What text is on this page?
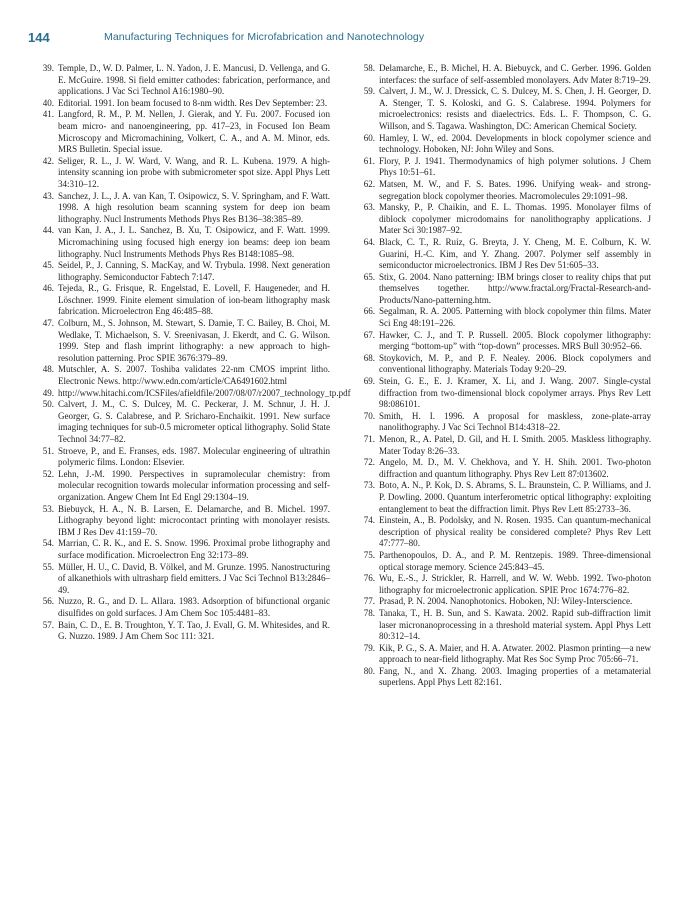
144	Manufacturing Techniques for Microfabrication and Nanotechnology

39. Temple, D., W. D. Palmer, L. N. Yadon, J. E. Mancusi, D. Vellenga, and G. E. McGuire. 1998. Si field emitter cathodes: fabrication, performance, and applications. J Vac Sci Technol A16:1980–90.

40. Editorial. 1991. Ion beam focused to 8-nm width. Res Dev September: 23.

41. Langford, R. M., P. M. Nellen, J. Gierak, and Y. Fu. 2007. Focused ion beam micro- and nanoengineering, pp. 417–23, in Focused Ion Beam Microscopy and Micromachining, Volkert, C. A., and A. M. Minor, eds. MRS Bulletin. Special issue.

42. Seliger, R. L., J. W. Ward, V. Wang, and R. L. Kubena. 1979. A high-intensity scanning ion probe with submicrometer spot size. Appl Phys Lett 34:310–12.

43. Sanchez, J. L., J. A. van Kan, T. Osipowicz, S. V. Springham, and F. Watt. 1998. A high resolution beam scanning system for deep ion beam lithography. Nucl Instruments Methods Phys Res B136–38:385–89.

44. van Kan, J. A., J. L. Sanchez, B. Xu, T. Osipowicz, and F. Watt. 1999. Micromachining using focused high energy ion beams: deep ion beam lithography. Nucl Instruments Methods Phys Res B148:1085–98.

45. Seidel, P., J. Canning, S. MacKay, and W. Trybula. 1998. Next generation lithography. Semiconductor Fabtech 7:147.

46. Tejeda, R., G. Frisque, R. Engelstad, E. Lovell, F. Haugeneder, and H. Löschner. 1999. Finite element simulation of ion-beam lithography mask fabrication. Microelectron Eng 46:485–88.

47. Colburn, M., S. Johnson, M. Stewart, S. Damie, T. C. Bailey, B. Choi, M. Wedlake, T. Michaelson, S. V. Sreenivasan, J. Ekerdt, and C. G. Wilson. 1999. Step and flash imprint lithography: a new approach to high-resolution patterning. Proc SPIE 3676:379–89.

48. Mutschler, A. S. 2007. Toshiba validates 22-nm CMOS imprint litho. Electronic News. http://www.edn.com/article/CA6491602.html

49. http://www.hitachi.com/ICSFiles/afieldfile/2007/08/07/r2007_technology_tp.pdf

50. Calvert, J. M., C. S. Dulcey, M. C. Peckerar, J. M. Schnur, J. H. J. Georger, G. S. Calabrese, and P. Sricharo-Enchaikit. 1991. New surface imaging techniques for sub-0.5 micrometer optical lithography. Solid State Technol 34:77–82.

51. Stroeve, P., and E. Franses, eds. 1987. Molecular engineering of ultrathin polymeric films. London: Elsevier.

52. Lehn, J.-M. 1990. Perspectives in supramolecular chemistry: from molecular recognition towards molecular information processing and self-organization. Angew Chem Int Ed Engl 29:1304–19.

53. Biebuyck, H. A., N. B. Larsen, E. Delamarche, and B. Michel. 1997. Lithography beyond light: microcontact printing with monolayer resists. IBM J Res Dev 41:159–70.

54. Marrian, C. R. K., and E. S. Snow. 1996. Proximal probe lithography and surface modification. Microelectron Eng 32:173–89.

55. Müller, H. U., C. David, B. Völkel, and M. Grunze. 1995. Nanostructuring of alkanethiols with ultrasharp field emitters. J Vac Sci Technol B13:2846–49.

56. Nuzzo, R. G., and D. L. Allara. 1983. Adsorption of bifunctional organic disulfides on gold surfaces. J Am Chem Soc 105:4481–83.

57. Bain, C. D., E. B. Troughton, Y. T. Tao, J. Evall, G. M. Whitesides, and R. G. Nuzzo. 1989. J Am Chem Soc 111: 321.

58. Delamarche, E., B. Michel, H. A. Biebuyck, and C. Gerber. 1996. Golden interfaces: the surface of self-assembled monolayers. Adv Mater 8:719–29.

59. Calvert, J. M., W. J. Dressick, C. S. Dulcey, M. S. Chen, J. H. Georger, D. A. Stenger, T. S. Koloski, and G. S. Calabrese. 1994. Polymers for microelectronics: resists and diaelectrics. Eds. L. F. Thompson, C. G. Willson, and S. Tagawa. Washington, DC: American Chemical Society.

60. Hamley, I. W., ed. 2004. Developments in block copolymer science and technology. Hoboken, NJ: John Wiley and Sons.

61. Flory, P. J. 1941. Thermodynamics of high polymer solutions. J Chem Phys 10:51–61.

62. Matsen, M. W., and F. S. Bates. 1996. Unifying weak- and strong-segregation block copolymer theories. Macromolecules 29:1091–98.

63. Mansky, P., P. Chaikin, and E. L. Thomas. 1995. Monolayer films of diblock copolymer microdomains for nanolithography applications. J Mater Sci 30:1987–92.

64. Black, C. T., R. Ruiz, G. Breyta, J. Y. Cheng, M. E. Colburn, K. W. Guarini, H.-C. Kim, and Y. Zhang. 2007. Polymer self assembly in semiconductor microelectronics. IBM J Res Dev 51:605–33.

65. Stix, G. 2004. Nano patterning: IBM brings closer to reality chips that put themselves together. http://www.fractal.org/Fractal-Research-and-Products/Nano-patterning.htm.

66. Segalman, R. A. 2005. Patterning with block copolymer thin films. Mater Sci Eng 48:191–226.

67. Hawker, C. J., and T. P. Russell. 2005. Block copolymer lithography: merging “bottom-up” with “top-down” processes. MRS Bull 30:952–66.

68. Stoykovich, M. P., and P. F. Nealey. 2006. Block copolymers and conventional lithography. Materials Today 9:20–29.

69. Stein, G. E., E. J. Kramer, X. Li, and J. Wang. 2007. Single-cystal diffraction from two-dimensional block copolymer arrays. Phys Rev Lett 98:086101.

70. Smith, H. I. 1996. A proposal for maskless, zone-plate-array nanolithography. J Vac Sci Technol B14:4318–22.

71. Menon, R., A. Patel, D. Gil, and H. I. Smith. 2005. Maskless lithography. Mater Today 8:26–33.

72. Angelo, M. D., M. V. Chekhova, and Y. H. Shih. 2001. Two-photon diffraction and quantum lithography. Phys Rev Lett 87:013602.

73. Boto, A. N., P. Kok, D. S. Abrams, S. L. Braunstein, C. P. Williams, and J. P. Dowling. 2000. Quantum interferometric optical lithography: exploiting entanglement to beat the diffraction limit. Phys Rev Lett 85:2733–36.

74. Einstein, A., B. Podolsky, and N. Rosen. 1935. Can quantum-mechanical description of physical reality be considered complete? Phys Rev Lett 47:777–80.

75. Parthenopoulos, D. A., and P. M. Rentzepis. 1989. Three-dimensional optical storage memory. Science 245:843–45.

76. Wu, E.-S., J. Strickler, R. Harrell, and W. W. Webb. 1992. Two-photon lithography for microelectronic application. SPIE Proc 1674:776–82.

77. Prasad, P. N. 2004. Nanophotonics. Hoboken, NJ: Wiley-Interscience.

78. Tanaka, T., H. B. Sun, and S. Kawata. 2002. Rapid sub-diffraction limit laser micronanoprocessing in a threshold material system. Appl Phys Lett 80:312–14.

79. Kik, P. G., S. A. Maier, and H. A. Atwater. 2002. Plasmon printing—a new approach to near-field lithography. Mat Res Soc Symp Proc 705:66–71.

80. Fang, N., and X. Zhang. 2003. Imaging properties of a metamaterial superlens. Appl Phys Lett 82:161.
